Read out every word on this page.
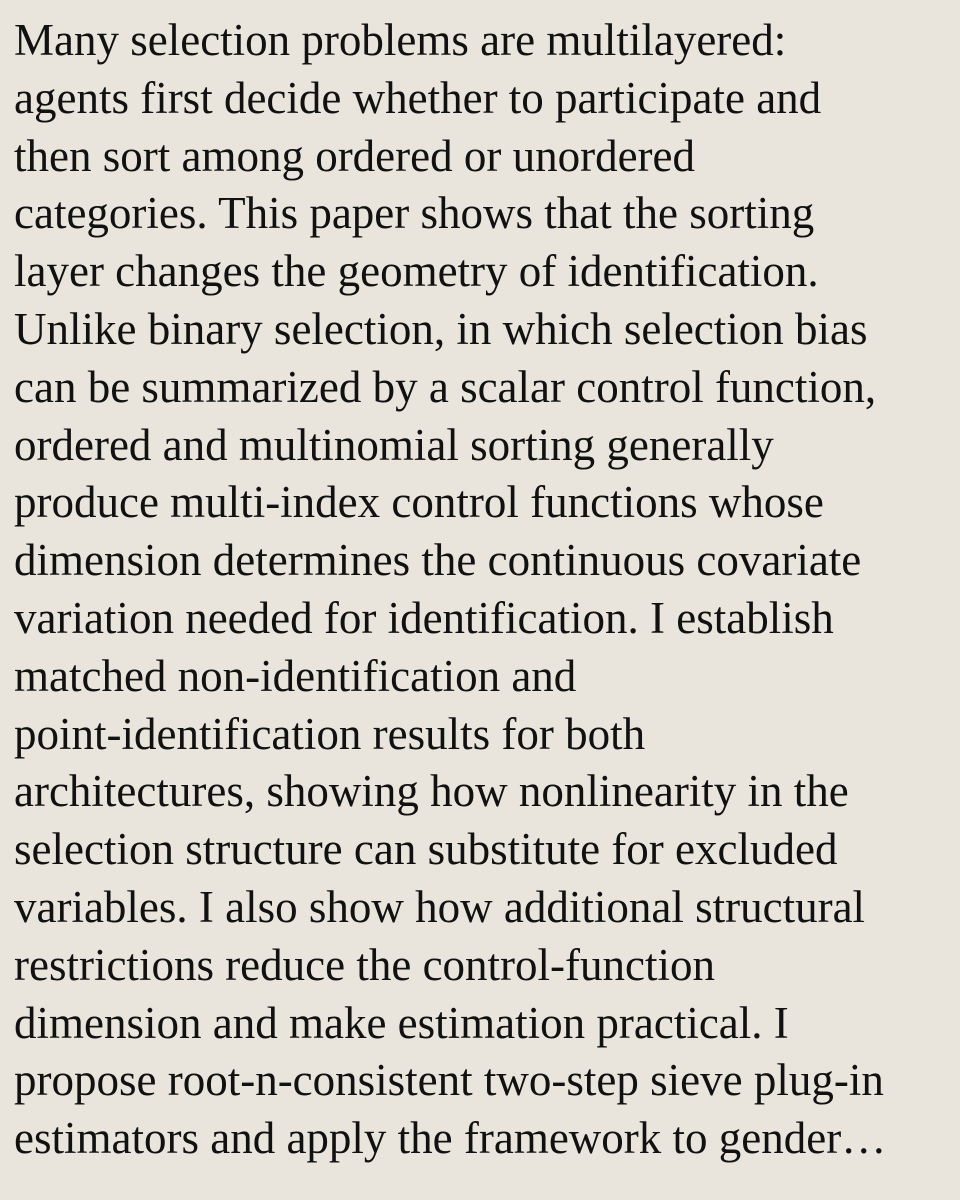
Many selection problems are multilayered:
agents first decide whether to participate and
then sort among ordered or unordered
categories. This paper shows that the sorting
layer changes the geometry of identification.
Unlike binary selection, in which selection bias
can be summarized by a scalar control function,
ordered and multinomial sorting generally
produce multi-index control functions whose
dimension determines the continuous covariate
variation needed for identification. I establish
matched non-identification and
point-identification results for both
architectures, showing how nonlinearity in the
selection structure can substitute for excluded
variables. I also show how additional structural
restrictions reduce the control-function
dimension and make estimation practical. I
propose root-n-consistent two-step sieve plug-in
estimators and apply the framework to gender…
